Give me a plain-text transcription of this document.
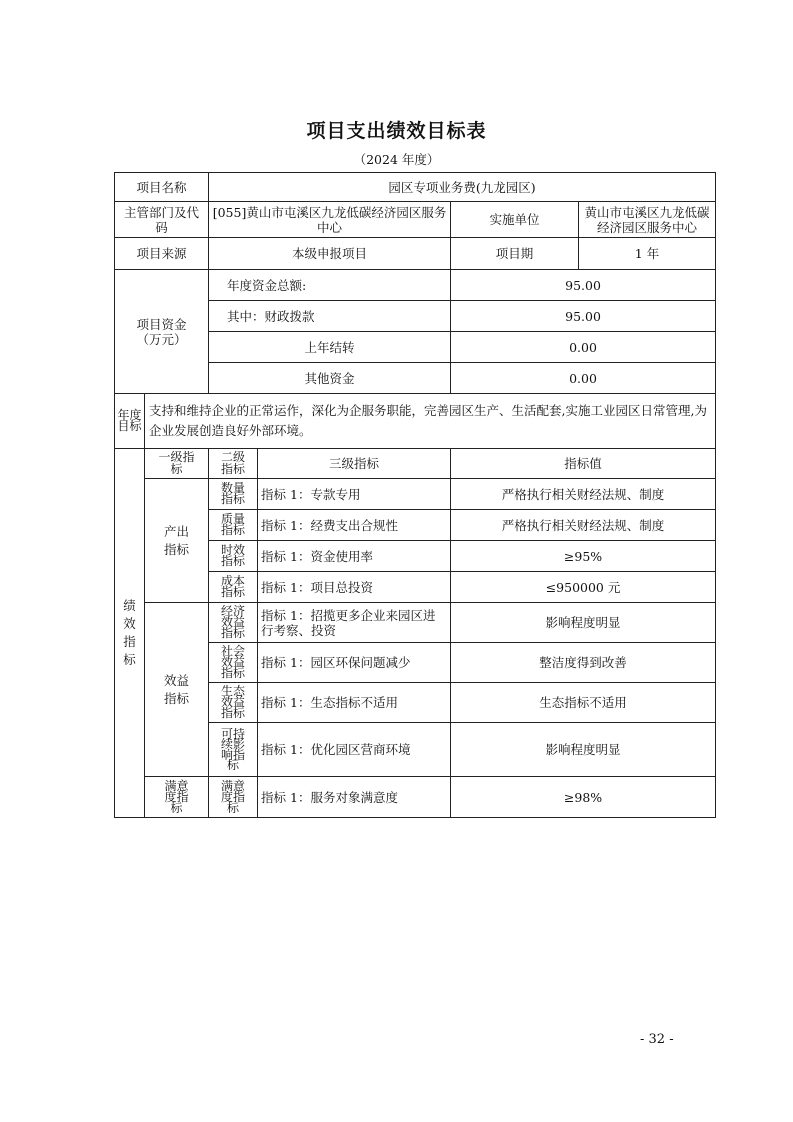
项目支出绩效目标表
（2024 年度）
项目名称		园区专项业务费(九龙园区)			
主管部门及代码		[055]黄山市屯溪区九龙低碳经济园区服务中心		实施单位	黄山市屯溪区九龙低碳经济园区服务中心
项目来源		本级申报项目		项目期	1 年
项目资金（万元）		年度资金总额:		95.00	
		其中：财政拨款		95.00	
		上年结转		0.00	
		其他资金		0.00	
年度目标	支持和维持企业的正常运作，深化为企服务职能，完善园区生产、生活配套,实施工业园区日常管理,为企业发展创造良好外部环境。				
绩效指标	一级指标	二级指标	三级指标	指标值	
	产出指标	数量指标	指标 1：专款专用	严格执行相关财经法规、制度	
		质量指标	指标 1：经费支出合规性	严格执行相关财经法规、制度	
		时效指标	指标 1：资金使用率	≥95%	
		成本指标	指标 1：项目总投资	≤950000 元	
	效益指标	经济效益指标	指标 1：招揽更多企业来园区进行考察、投资	影响程度明显	
		社会效益指标	指标 1：园区环保问题减少	整洁度得到改善	
		生态效益指标	指标 1：生态指标不适用	生态指标不适用	
		可持续影响指标	指标 1：优化园区营商环境	影响程度明显	
	满意度指标	满意度指标	指标 1：服务对象满意度	≥98%	
- 32 -
